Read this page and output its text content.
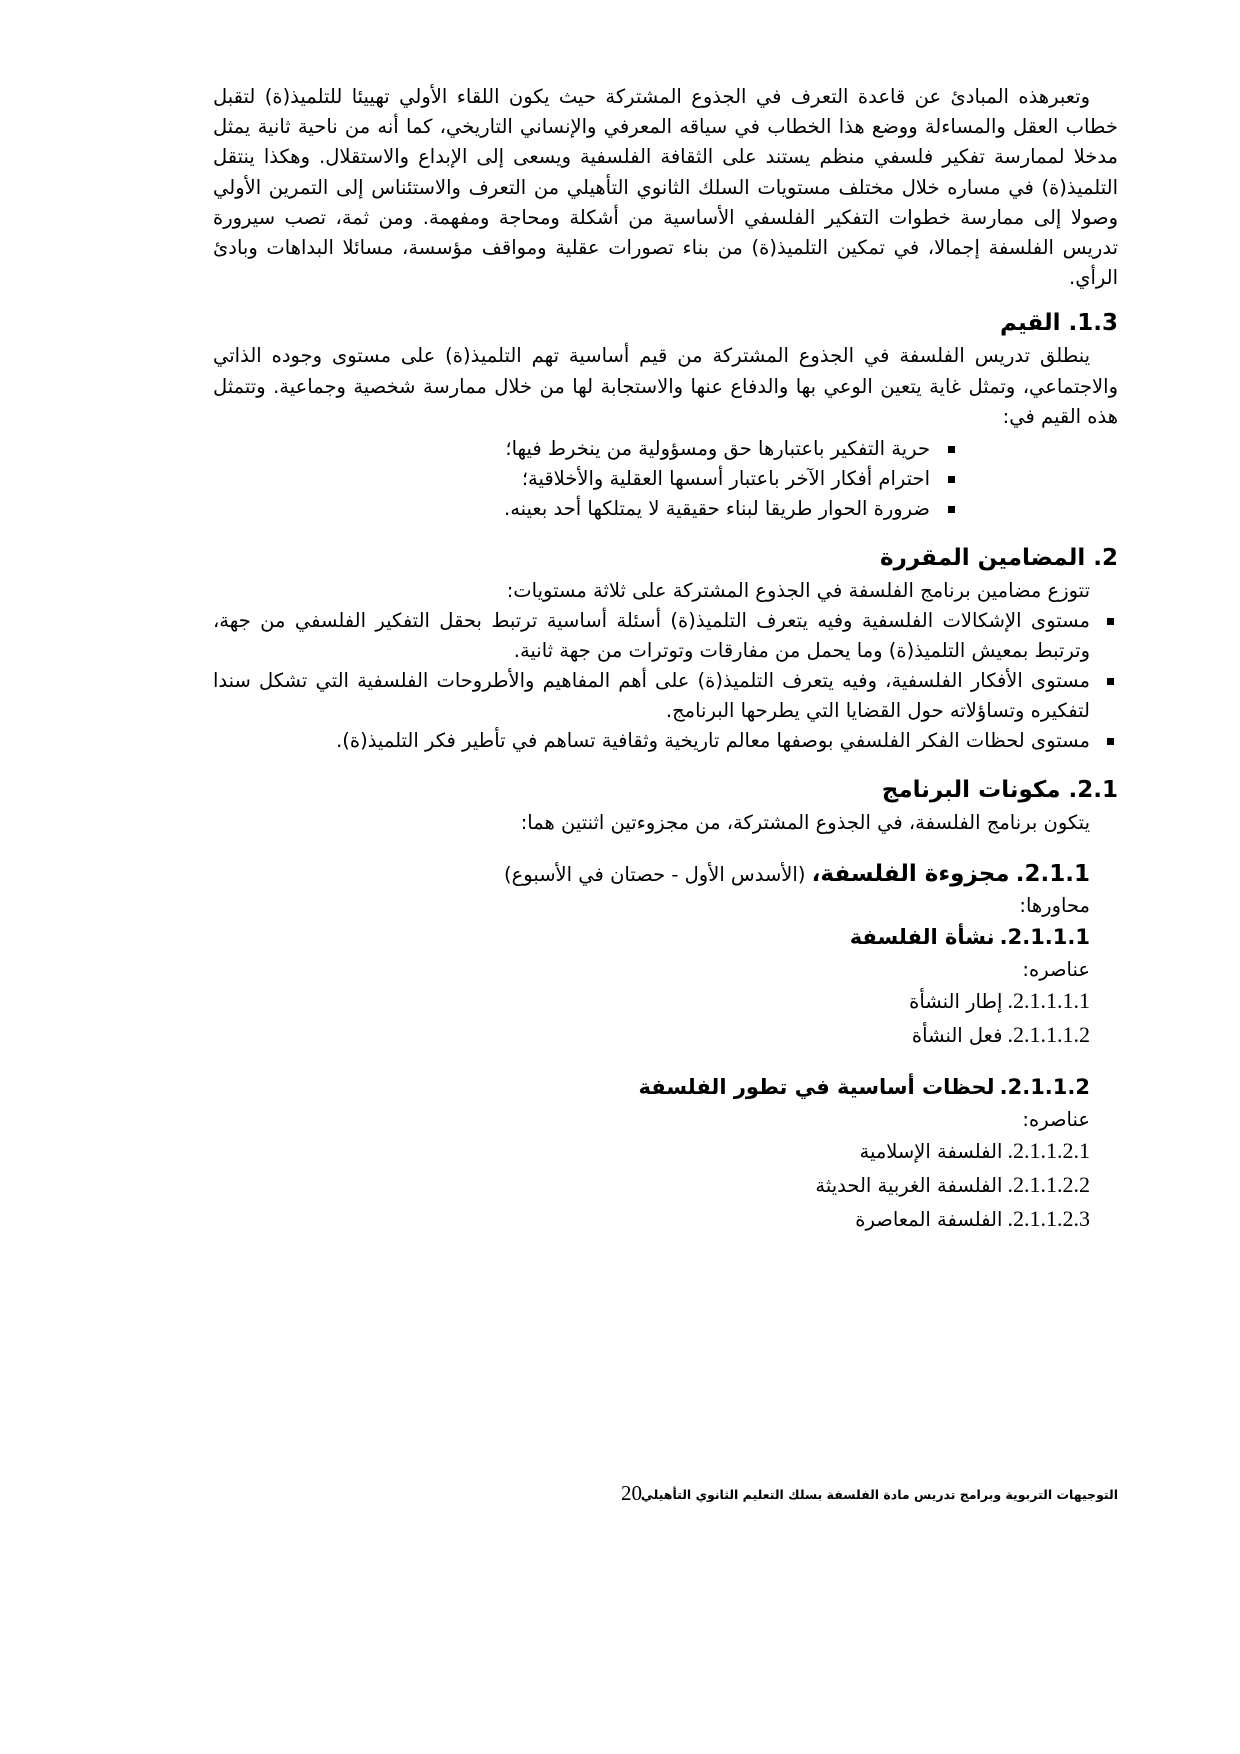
وتعبرهذه المبادئ عن قاعدة التعرف في الجذوع المشتركة حيث يكون اللقاء الأولي تهييئا للتلميذ(ة) لتقبل خطاب العقل والمساءلة ووضع هذا الخطاب في سياقه المعرفي والإنساني التاريخي، كما أنه من ناحية ثانية يمثل مدخلا لممارسة تفكير فلسفي منظم يستند على الثقافة الفلسفية ويسعى إلى الإبداع والاستقلال. وهكذا ينتقل التلميذ(ة) في مساره خلال مختلف مستويات السلك الثانوي التأهيلي من التعرف والاستئناس إلى التمرين الأولي وصولا إلى ممارسة خطوات التفكير الفلسفي الأساسية من أشكلة ومحاجة ومفهمة. ومن ثمة، تصب سيرورة تدريس الفلسفة إجمالا، في تمكين التلميذ(ة) من بناء تصورات عقلية ومواقف مؤسسة، مسائلا البداهات وبادئ الرأي.

1.3. القيم

ينطلق تدريس الفلسفة في الجذوع المشتركة من قيم أساسية تهم التلميذ(ة) على مستوى وجوده الذاتي والاجتماعي، وتمثل غاية يتعين الوعي بها والدفاع عنها والاستجابة لها من خلال ممارسة شخصية وجماعية. وتتمثل هذه القيم في:

حرية التفكير باعتبارها حق ومسؤولية من ينخرط فيها؛
احترام أفكار الآخر باعتبار أسسها العقلية والأخلاقية؛
ضرورة الحوار طريقا لبناء حقيقية لا يمتلكها أحد بعينه.
2. المضامين المقررة

تتوزع مضامين برنامج الفلسفة في الجذوع المشتركة على ثلاثة مستويات:

مستوى الإشكالات الفلسفية وفيه يتعرف التلميذ(ة) أسئلة أساسية ترتبط بحقل التفكير الفلسفي من جهة، وترتبط بمعيش التلميذ(ة) وما يحمل من مفارقات وتوترات من جهة ثانية.
مستوى الأفكار الفلسفية، وفيه يتعرف التلميذ(ة) على أهم المفاهيم والأطروحات الفلسفية التي تشكل سندا لتفكيره وتساؤلاته حول القضايا التي يطرحها البرنامج.
مستوى لحظات الفكر الفلسفي بوصفها معالم تاريخية وثقافية تساهم في تأطير فكر التلميذ(ة).
2.1. مكونات البرنامج

يتكون برنامج الفلسفة، في الجذوع المشتركة، من مجزوءتين اثنتين هما:

2.1.1. مجزوءة الفلسفة، (الأسدس الأول - حصتان في الأسبوع)

محاورها:

2.1.1.1. نشأة الفلسفة

عناصره:

2.1.1.1.1. إطار النشأة
2.1.1.1.2. فعل النشأة
2.1.1.2. لحظات أساسية في تطور الفلسفة

عناصره:

2.1.1.2.1. الفلسفة الإسلامية
2.1.1.2.2. الفلسفة الغربية الحديثة
2.1.1.2.3. الفلسفة المعاصرة
التوجيهات التربوية وبرامج تدريس مادة الفلسفة بسلك التعليم الثانوي التأهيلي
20
